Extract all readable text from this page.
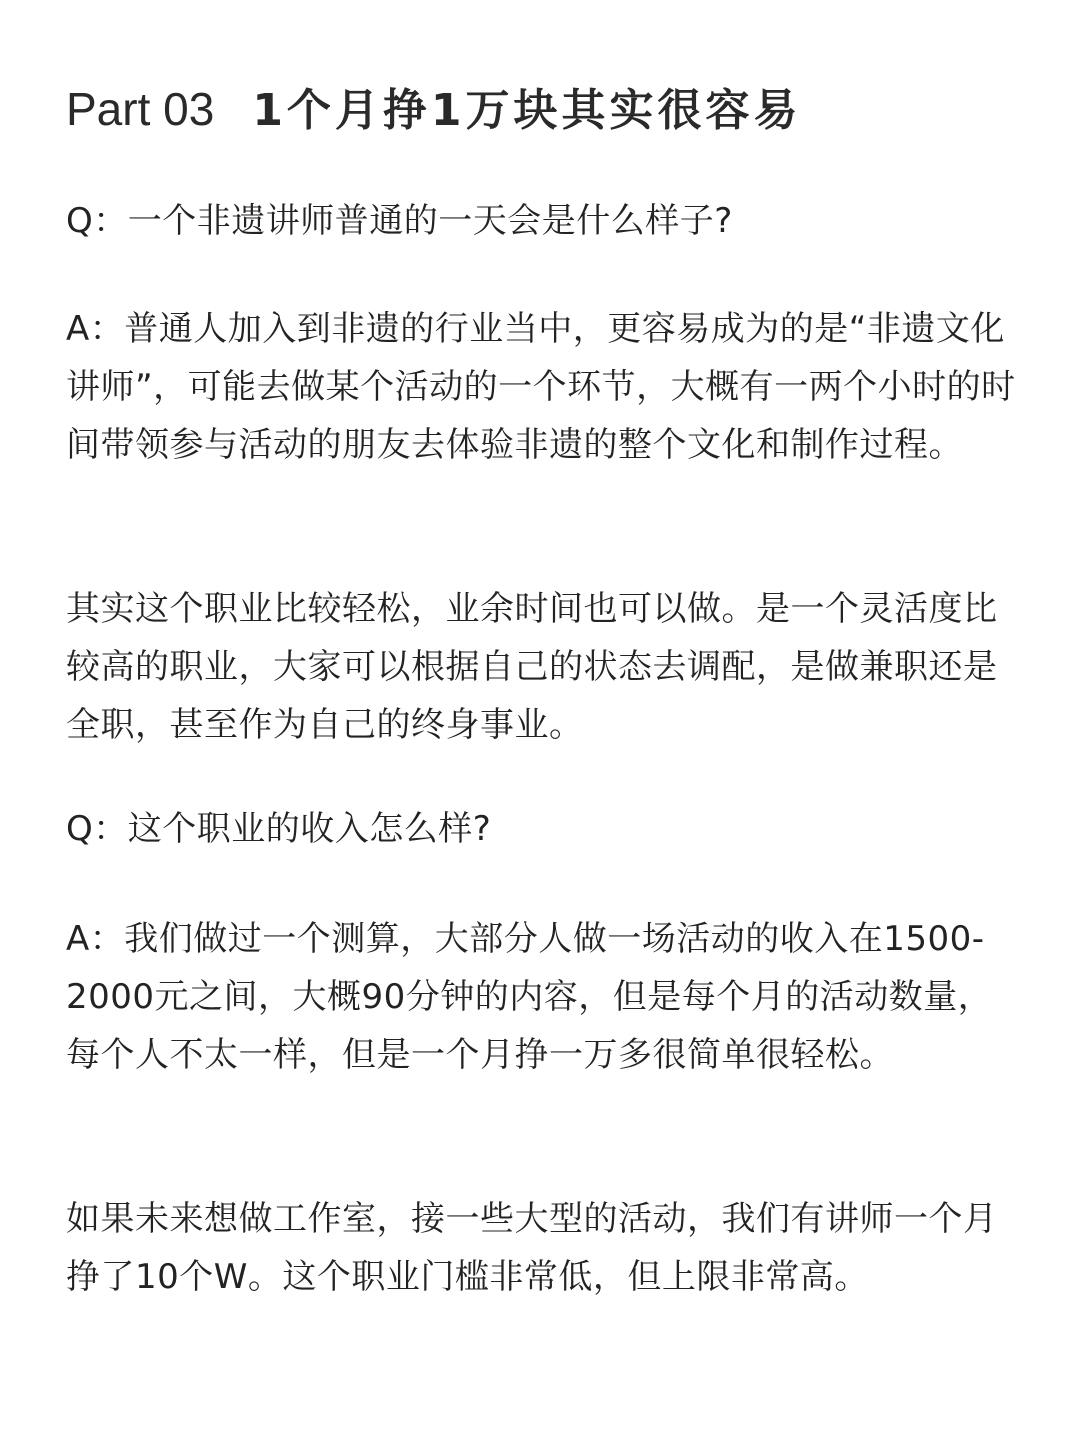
Part 03 1个月挣1万块其实很容易

Q：一个非遗讲师普通的一天会是什么样子?

A：普通人加入到非遗的行业当中，更容易成为的是“非遗文化讲师”，可能去做某个活动的一个环节，大概有一两个小时的时间带领参与活动的朋友去体验非遗的整个文化和制作过程。

其实这个职业比较轻松，业余时间也可以做。是一个灵活度比较高的职业，大家可以根据自己的状态去调配，是做兼职还是全职，甚至作为自己的终身事业。

Q：这个职业的收入怎么样?

A：我们做过一个测算，大部分人做一场活动的收入在1500-2000元之间，大概90分钟的内容，但是每个月的活动数量，每个人不太一样，但是一个月挣一万多很简单很轻松。

如果未来想做工作室，接一些大型的活动，我们有讲师一个月挣了10个W。这个职业门槛非常低，但上限非常高。
